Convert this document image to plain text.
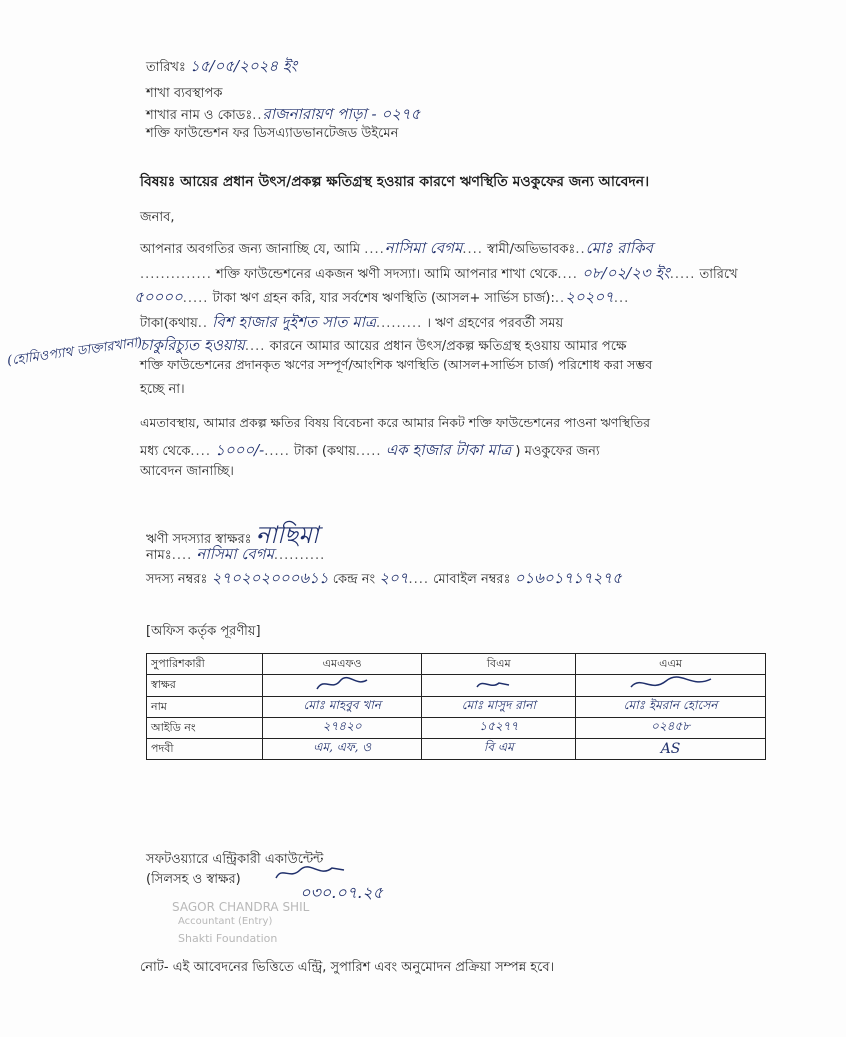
তারিখঃ ১৫/০৫/২০২৪ ইং
শাখা ব্যবস্থাপক
শাখার নাম ও কোডঃ..রাজনারায়ণ পাড়া - ০২৭৫
শক্তি ফাউন্ডেশন ফর ডিসএ্যাডভানটেজড উইমেন
বিষয়ঃ আয়ের প্রধান উৎস/প্রকল্প ক্ষতিগ্রস্থ হওয়ার কারণে ঋণস্থিতি মওকুফের জন্য আবেদন।
জনাব,
আপনার অবগতির জন্য জানাচ্ছি যে, আমি ....নাসিমা বেগম.... স্বামী/অভিভাবকঃ..মোঃ রাকিব
.............. শক্তি ফাউন্ডেশনের একজন ঋণী সদস্যা। আমি আপনার শাখা থেকে.... ০৮/০২/২৩ ইং..... তারিখে
৫০০০০..... টাকা ঋণ গ্রহন করি, যার সর্বশেষ ঋণস্থিতি (আসল+ সার্ভিস চার্জ):..২০২০৭...
টাকা(কথায়.. বিশ হাজার দুইশত সাত মাত্র......... । ঋণ গ্রহণের পরবর্তী সময়
চাকুরিচ্যুত হওয়ায়.... কারনে আমার আয়ের প্রধান উৎস/প্রকল্প ক্ষতিগ্রস্থ হওয়ায় আমার পক্ষে
শক্তি ফাউন্ডেশনের প্রদানকৃত ঋণের সম্পূর্ণ/আংশিক ঋণস্থিতি (আসল+সার্ভিস চার্জ) পরিশোধ করা সম্ভব
হচ্ছে না।
(হোমিওপ্যাথ ডাক্তারখানা)
এমতাবস্থায়, আমার প্রকল্প ক্ষতির বিষয় বিবেচনা করে আমার নিকট শক্তি ফাউন্ডেশনের পাওনা ঋণস্থিতির
মধ্য থেকে.... ১০০০/-..... টাকা (কথায়..... এক হাজার টাকা মাত্র ) মওকুফের জন্য
আবেদন জানাচ্ছি।
ঋণী সদস্যার স্বাক্ষরঃ নাছিমা
নামঃ.... নাসিমা বেগম..........
সদস্য নম্বরঃ ২৭০২০২০০০৬১১ কেন্দ্র নং ২০৭.... মোবাইল নম্বরঃ ০১৬০১৭১৭২৭৫
[অফিস কর্তৃক পূরণীয়]
সুপারিশকারী	এমএফও	বিএম	এএম
স্বাক্ষর			
নাম	মোঃ মাহবুব খান	মোঃ মাসুদ রানা	মোঃ ইমরান হোসেন
আইডি নং	২৭৪২০	১৫২৭৭	০২৪৫৮
পদবী	এম, এফ, ও	বি এম	AS
সফটওয়্যারে এন্ট্রিকারী একাউন্টেন্ট
(সিলসহ ও স্বাক্ষর)
০৩০.০৭.২৫
SAGOR CHANDRA SHIL
Accountant (Entry)
Shakti Foundation
নোট- এই আবেদনের ভিত্তিতে এন্ট্রি, সুপারিশ এবং অনুমোদন প্রক্রিয়া সম্পন্ন হবে।
